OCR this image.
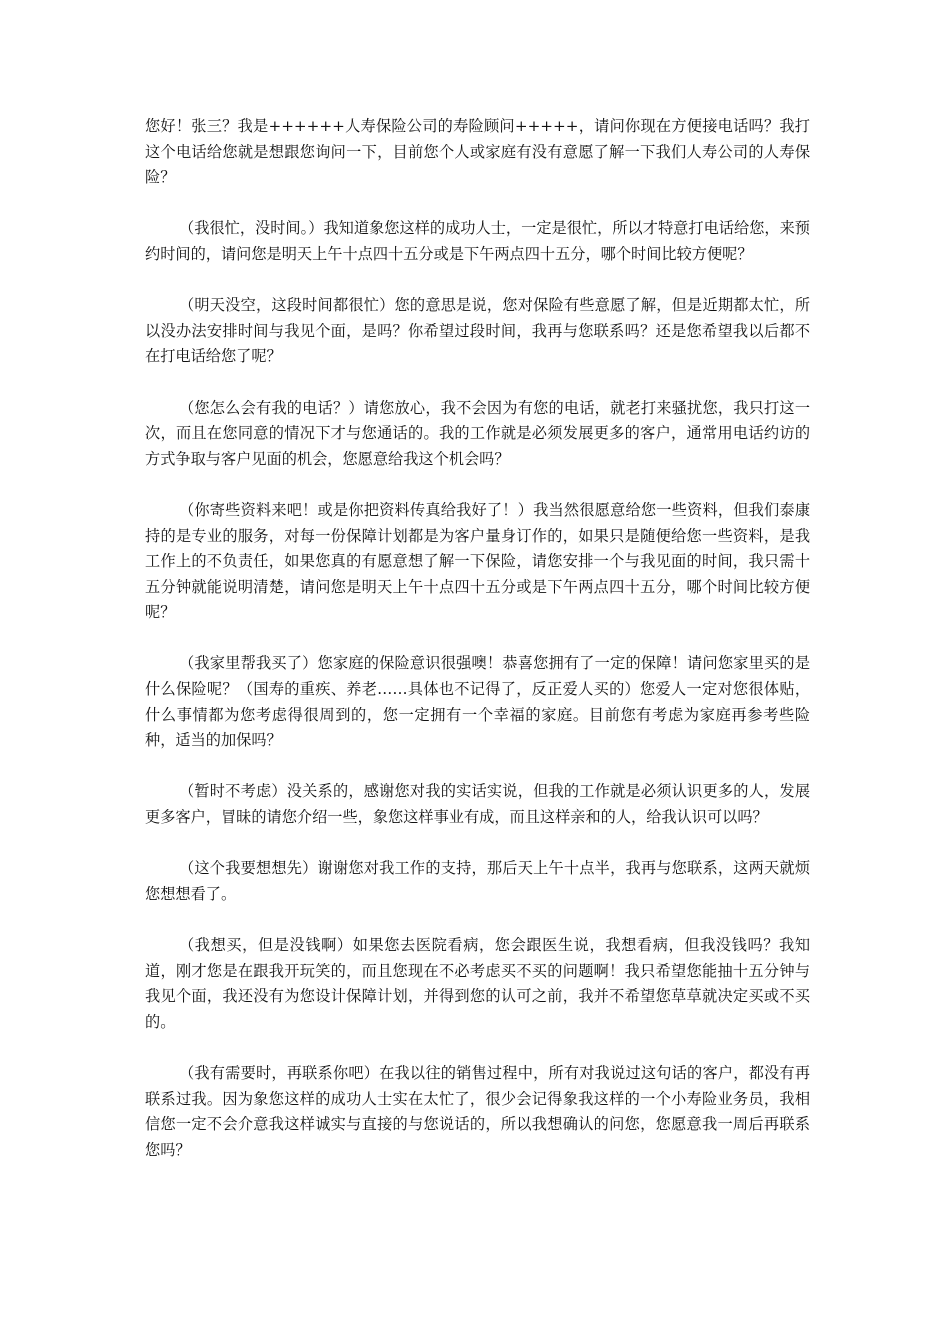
您好！张三？我是++++++人寿保险公司的寿险顾问+++++，请问你现在方便接电话吗？我打这个电话给您就是想跟您询问一下，目前您个人或家庭有没有意愿了解一下我们人寿公司的人寿保险？

（我很忙，没时间。）我知道象您这样的成功人士，一定是很忙，所以才特意打电话给您，来预约时间的，请问您是明天上午十点四十五分或是下午两点四十五分，哪个时间比较方便呢？

（明天没空，这段时间都很忙）您的意思是说，您对保险有些意愿了解，但是近期都太忙，所以没办法安排时间与我见个面，是吗？你希望过段时间，我再与您联系吗？还是您希望我以后都不在打电话给您了呢？

（您怎么会有我的电话？）请您放心，我不会因为有您的电话，就老打来骚扰您，我只打这一次，而且在您同意的情况下才与您通话的。我的工作就是必须发展更多的客户，通常用电话约访的方式争取与客户见面的机会，您愿意给我这个机会吗？

（你寄些资料来吧！或是你把资料传真给我好了！）我当然很愿意给您一些资料，但我们泰康持的是专业的服务，对每一份保障计划都是为客户量身订作的，如果只是随便给您一些资料，是我工作上的不负责任，如果您真的有愿意想了解一下保险，请您安排一个与我见面的时间，我只需十五分钟就能说明清楚，请问您是明天上午十点四十五分或是下午两点四十五分，哪个时间比较方便呢？

（我家里帮我买了）您家庭的保险意识很强噢！恭喜您拥有了一定的保障！请问您家里买的是什么保险呢？（国寿的重疾、养老……具体也不记得了，反正爱人买的）您爱人一定对您很体贴，什么事情都为您考虑得很周到的，您一定拥有一个幸福的家庭。目前您有考虑为家庭再参考些险种，适当的加保吗？

（暂时不考虑）没关系的，感谢您对我的实话实说，但我的工作就是必须认识更多的人，发展更多客户，冒昧的请您介绍一些，象您这样事业有成，而且这样亲和的人，给我认识可以吗？

（这个我要想想先）谢谢您对我工作的支持，那后天上午十点半，我再与您联系，这两天就烦您想想看了。

（我想买，但是没钱啊）如果您去医院看病，您会跟医生说，我想看病，但我没钱吗？我知道，刚才您是在跟我开玩笑的，而且您现在不必考虑买不买的问题啊！我只希望您能抽十五分钟与我见个面，我还没有为您设计保障计划，并得到您的认可之前，我并不希望您草草就决定买或不买的。

（我有需要时，再联系你吧）在我以往的销售过程中，所有对我说过这句话的客户，都没有再联系过我。因为象您这样的成功人士实在太忙了，很少会记得象我这样的一个小寿险业务员，我相信您一定不会介意我这样诚实与直接的与您说话的，所以我想确认的问您，您愿意我一周后再联系您吗？
